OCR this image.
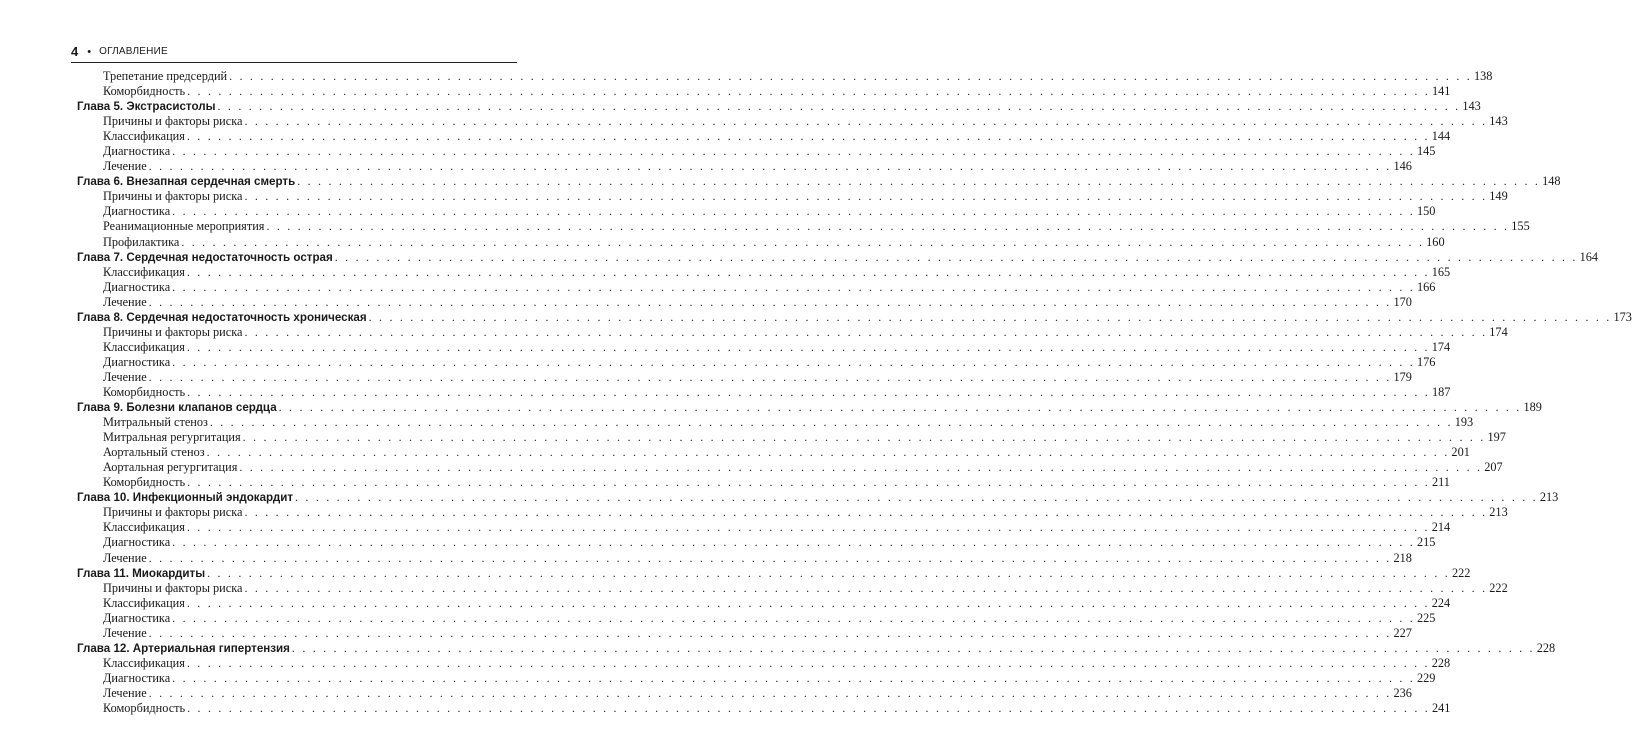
4 • ОГЛАВЛЕНИЕ
Трепетание предсердий . . . . . . . . . . . . . . . . . . . . . . . . . . . . . . . . . . . . . . . . . . . . . . . . . . . . . . . . . . . . . . . . . . . . . . . . . . . . . . . . . . . . . . . . . . . . . . . . . . . . . . . . . . . . . . . . . . . . . . . . 138
Коморбидность . . . . . . . . . . . . . . . . . . . . . . . . . . . . . . . . . . . . . . . . . . . . . . . . . . . . . . . . . . . . . . . . . . . . . . . . . . . . . . . . . . . . . . . . . . . . . . . . . . . . . . . . . . . . . . . . . . . . . . . . 141
Глава 5. Экстрасистолы . . . . . . . . . . . . . . . . . . . . . . . . . . . . . . . . . . . . . . . . . . . . . . . . . . . . . . . . . . . . . . . . . . . . . . . . . . . . . . . . . . . . . . . . . . . . . . . . . . . . . . . . . . . . . . . . . . . . . . . . 143
Причины и факторы риска . . . . . . . . . . . . . . . . . . . . . . . . . . . . . . . . . . . . . . . . . . . . . . . . . . . . . . . . . . . . . . . . . . . . . . . . . . . . . . . . . . . . . . . . . . . . . . . . . . . . . . . . . . . . . . . . . . . . . . . . 143
Классификация . . . . . . . . . . . . . . . . . . . . . . . . . . . . . . . . . . . . . . . . . . . . . . . . . . . . . . . . . . . . . . . . . . . . . . . . . . . . . . . . . . . . . . . . . . . . . . . . . . . . . . . . . . . . . . . . . . . . . . . . 144
Диагностика . . . . . . . . . . . . . . . . . . . . . . . . . . . . . . . . . . . . . . . . . . . . . . . . . . . . . . . . . . . . . . . . . . . . . . . . . . . . . . . . . . . . . . . . . . . . . . . . . . . . . . . . . . . . . . . . . . . . . . . . 145
Лечение . . . . . . . . . . . . . . . . . . . . . . . . . . . . . . . . . . . . . . . . . . . . . . . . . . . . . . . . . . . . . . . . . . . . . . . . . . . . . . . . . . . . . . . . . . . . . . . . . . . . . . . . . . . . . . . . . . . . . . . . 146
Глава 6. Внезапная сердечная смерть . . . . . . . . . . . . . . . . . . . . . . . . . . . . . . . . . . . . . . . . . . . . . . . . . . . . . . . . . . . . . . . . . . . . . . . . . . . . . . . . . . . . . . . . . . . . . . . . . . . . . . . . . . . . . . . . . . . . . . . . 148
Причины и факторы риска . . . . . . . . . . . . . . . . . . . . . . . . . . . . . . . . . . . . . . . . . . . . . . . . . . . . . . . . . . . . . . . . . . . . . . . . . . . . . . . . . . . . . . . . . . . . . . . . . . . . . . . . . . . . . . . . . . . . . . . . 149
Диагностика . . . . . . . . . . . . . . . . . . . . . . . . . . . . . . . . . . . . . . . . . . . . . . . . . . . . . . . . . . . . . . . . . . . . . . . . . . . . . . . . . . . . . . . . . . . . . . . . . . . . . . . . . . . . . . . . . . . . . . . . 150
Реанимационные мероприятия . . . . . . . . . . . . . . . . . . . . . . . . . . . . . . . . . . . . . . . . . . . . . . . . . . . . . . . . . . . . . . . . . . . . . . . . . . . . . . . . . . . . . . . . . . . . . . . . . . . . . . . . . . . . . . . . . . . . . . . . 155
Профилактика . . . . . . . . . . . . . . . . . . . . . . . . . . . . . . . . . . . . . . . . . . . . . . . . . . . . . . . . . . . . . . . . . . . . . . . . . . . . . . . . . . . . . . . . . . . . . . . . . . . . . . . . . . . . . . . . . . . . . . . . 160
Глава 7. Сердечная недостаточность острая . . . . . . . . . . . . . . . . . . . . . . . . . . . . . . . . . . . . . . . . . . . . . . . . . . . . . . . . . . . . . . . . . . . . . . . . . . . . . . . . . . . . . . . . . . . . . . . . . . . . . . . . . . . . . . . . . . . . . . . . 164
Классификация . . . . . . . . . . . . . . . . . . . . . . . . . . . . . . . . . . . . . . . . . . . . . . . . . . . . . . . . . . . . . . . . . . . . . . . . . . . . . . . . . . . . . . . . . . . . . . . . . . . . . . . . . . . . . . . . . . . . . . . . 165
Диагностика . . . . . . . . . . . . . . . . . . . . . . . . . . . . . . . . . . . . . . . . . . . . . . . . . . . . . . . . . . . . . . . . . . . . . . . . . . . . . . . . . . . . . . . . . . . . . . . . . . . . . . . . . . . . . . . . . . . . . . . . 166
Лечение . . . . . . . . . . . . . . . . . . . . . . . . . . . . . . . . . . . . . . . . . . . . . . . . . . . . . . . . . . . . . . . . . . . . . . . . . . . . . . . . . . . . . . . . . . . . . . . . . . . . . . . . . . . . . . . . . . . . . . . . 170
Глава 8. Сердечная недостаточность хроническая . . . . . . . . . . . . . . . . . . . . . . . . . . . . . . . . . . . . . . . . . . . . . . . . . . . . . . . . . . . . . . . . . . . . . . . . . . . . . . . . . . . . . . . . . . . . . . . . . . . . . . . . . . . . . . . . . . . . . . . . 173
Причины и факторы риска . . . . . . . . . . . . . . . . . . . . . . . . . . . . . . . . . . . . . . . . . . . . . . . . . . . . . . . . . . . . . . . . . . . . . . . . . . . . . . . . . . . . . . . . . . . . . . . . . . . . . . . . . . . . . . . . . . . . . . . . 174
Классификация . . . . . . . . . . . . . . . . . . . . . . . . . . . . . . . . . . . . . . . . . . . . . . . . . . . . . . . . . . . . . . . . . . . . . . . . . . . . . . . . . . . . . . . . . . . . . . . . . . . . . . . . . . . . . . . . . . . . . . . . 174
Диагностика . . . . . . . . . . . . . . . . . . . . . . . . . . . . . . . . . . . . . . . . . . . . . . . . . . . . . . . . . . . . . . . . . . . . . . . . . . . . . . . . . . . . . . . . . . . . . . . . . . . . . . . . . . . . . . . . . . . . . . . . 176
Лечение . . . . . . . . . . . . . . . . . . . . . . . . . . . . . . . . . . . . . . . . . . . . . . . . . . . . . . . . . . . . . . . . . . . . . . . . . . . . . . . . . . . . . . . . . . . . . . . . . . . . . . . . . . . . . . . . . . . . . . . . 179
Коморбидность . . . . . . . . . . . . . . . . . . . . . . . . . . . . . . . . . . . . . . . . . . . . . . . . . . . . . . . . . . . . . . . . . . . . . . . . . . . . . . . . . . . . . . . . . . . . . . . . . . . . . . . . . . . . . . . . . . . . . . . . 187
Глава 9. Болезни клапанов сердца . . . . . . . . . . . . . . . . . . . . . . . . . . . . . . . . . . . . . . . . . . . . . . . . . . . . . . . . . . . . . . . . . . . . . . . . . . . . . . . . . . . . . . . . . . . . . . . . . . . . . . . . . . . . . . . . . . . . . . . . 189
Митральный стеноз . . . . . . . . . . . . . . . . . . . . . . . . . . . . . . . . . . . . . . . . . . . . . . . . . . . . . . . . . . . . . . . . . . . . . . . . . . . . . . . . . . . . . . . . . . . . . . . . . . . . . . . . . . . . . . . . . . . . . . . . 193
Митральная регургитация . . . . . . . . . . . . . . . . . . . . . . . . . . . . . . . . . . . . . . . . . . . . . . . . . . . . . . . . . . . . . . . . . . . . . . . . . . . . . . . . . . . . . . . . . . . . . . . . . . . . . . . . . . . . . . . . . . . . . . . . 197
Аортальный стеноз . . . . . . . . . . . . . . . . . . . . . . . . . . . . . . . . . . . . . . . . . . . . . . . . . . . . . . . . . . . . . . . . . . . . . . . . . . . . . . . . . . . . . . . . . . . . . . . . . . . . . . . . . . . . . . . . . . . . . . . . 201
Аортальная регургитация . . . . . . . . . . . . . . . . . . . . . . . . . . . . . . . . . . . . . . . . . . . . . . . . . . . . . . . . . . . . . . . . . . . . . . . . . . . . . . . . . . . . . . . . . . . . . . . . . . . . . . . . . . . . . . . . . . . . . . . . 207
Коморбидность . . . . . . . . . . . . . . . . . . . . . . . . . . . . . . . . . . . . . . . . . . . . . . . . . . . . . . . . . . . . . . . . . . . . . . . . . . . . . . . . . . . . . . . . . . . . . . . . . . . . . . . . . . . . . . . . . . . . . . . . 211
Глава 10. Инфекционный эндокардит . . . . . . . . . . . . . . . . . . . . . . . . . . . . . . . . . . . . . . . . . . . . . . . . . . . . . . . . . . . . . . . . . . . . . . . . . . . . . . . . . . . . . . . . . . . . . . . . . . . . . . . . . . . . . . . . . . . . . . . . 213
Причины и факторы риска . . . . . . . . . . . . . . . . . . . . . . . . . . . . . . . . . . . . . . . . . . . . . . . . . . . . . . . . . . . . . . . . . . . . . . . . . . . . . . . . . . . . . . . . . . . . . . . . . . . . . . . . . . . . . . . . . . . . . . . . 213
Классификация . . . . . . . . . . . . . . . . . . . . . . . . . . . . . . . . . . . . . . . . . . . . . . . . . . . . . . . . . . . . . . . . . . . . . . . . . . . . . . . . . . . . . . . . . . . . . . . . . . . . . . . . . . . . . . . . . . . . . . . . 214
Диагностика . . . . . . . . . . . . . . . . . . . . . . . . . . . . . . . . . . . . . . . . . . . . . . . . . . . . . . . . . . . . . . . . . . . . . . . . . . . . . . . . . . . . . . . . . . . . . . . . . . . . . . . . . . . . . . . . . . . . . . . . 215
Лечение . . . . . . . . . . . . . . . . . . . . . . . . . . . . . . . . . . . . . . . . . . . . . . . . . . . . . . . . . . . . . . . . . . . . . . . . . . . . . . . . . . . . . . . . . . . . . . . . . . . . . . . . . . . . . . . . . . . . . . . . 218
Глава 11. Миокардиты . . . . . . . . . . . . . . . . . . . . . . . . . . . . . . . . . . . . . . . . . . . . . . . . . . . . . . . . . . . . . . . . . . . . . . . . . . . . . . . . . . . . . . . . . . . . . . . . . . . . . . . . . . . . . . . . . . . . . . . . 222
Причины и факторы риска . . . . . . . . . . . . . . . . . . . . . . . . . . . . . . . . . . . . . . . . . . . . . . . . . . . . . . . . . . . . . . . . . . . . . . . . . . . . . . . . . . . . . . . . . . . . . . . . . . . . . . . . . . . . . . . . . . . . . . . . 222
Классификация . . . . . . . . . . . . . . . . . . . . . . . . . . . . . . . . . . . . . . . . . . . . . . . . . . . . . . . . . . . . . . . . . . . . . . . . . . . . . . . . . . . . . . . . . . . . . . . . . . . . . . . . . . . . . . . . . . . . . . . . 224
Диагностика . . . . . . . . . . . . . . . . . . . . . . . . . . . . . . . . . . . . . . . . . . . . . . . . . . . . . . . . . . . . . . . . . . . . . . . . . . . . . . . . . . . . . . . . . . . . . . . . . . . . . . . . . . . . . . . . . . . . . . . . 225
Лечение . . . . . . . . . . . . . . . . . . . . . . . . . . . . . . . . . . . . . . . . . . . . . . . . . . . . . . . . . . . . . . . . . . . . . . . . . . . . . . . . . . . . . . . . . . . . . . . . . . . . . . . . . . . . . . . . . . . . . . . . 227
Глава 12. Артериальная гипертензия . . . . . . . . . . . . . . . . . . . . . . . . . . . . . . . . . . . . . . . . . . . . . . . . . . . . . . . . . . . . . . . . . . . . . . . . . . . . . . . . . . . . . . . . . . . . . . . . . . . . . . . . . . . . . . . . . . . . . . . . 228
Классификация . . . . . . . . . . . . . . . . . . . . . . . . . . . . . . . . . . . . . . . . . . . . . . . . . . . . . . . . . . . . . . . . . . . . . . . . . . . . . . . . . . . . . . . . . . . . . . . . . . . . . . . . . . . . . . . . . . . . . . . . 228
Диагностика . . . . . . . . . . . . . . . . . . . . . . . . . . . . . . . . . . . . . . . . . . . . . . . . . . . . . . . . . . . . . . . . . . . . . . . . . . . . . . . . . . . . . . . . . . . . . . . . . . . . . . . . . . . . . . . . . . . . . . . . 229
Лечение . . . . . . . . . . . . . . . . . . . . . . . . . . . . . . . . . . . . . . . . . . . . . . . . . . . . . . . . . . . . . . . . . . . . . . . . . . . . . . . . . . . . . . . . . . . . . . . . . . . . . . . . . . . . . . . . . . . . . . . . 236
Коморбидность . . . . . . . . . . . . . . . . . . . . . . . . . . . . . . . . . . . . . . . . . . . . . . . . . . . . . . . . . . . . . . . . . . . . . . . . . . . . . . . . . . . . . . . . . . . . . . . . . . . . . . . . . . . . . . . . . . . . . . . . 241
